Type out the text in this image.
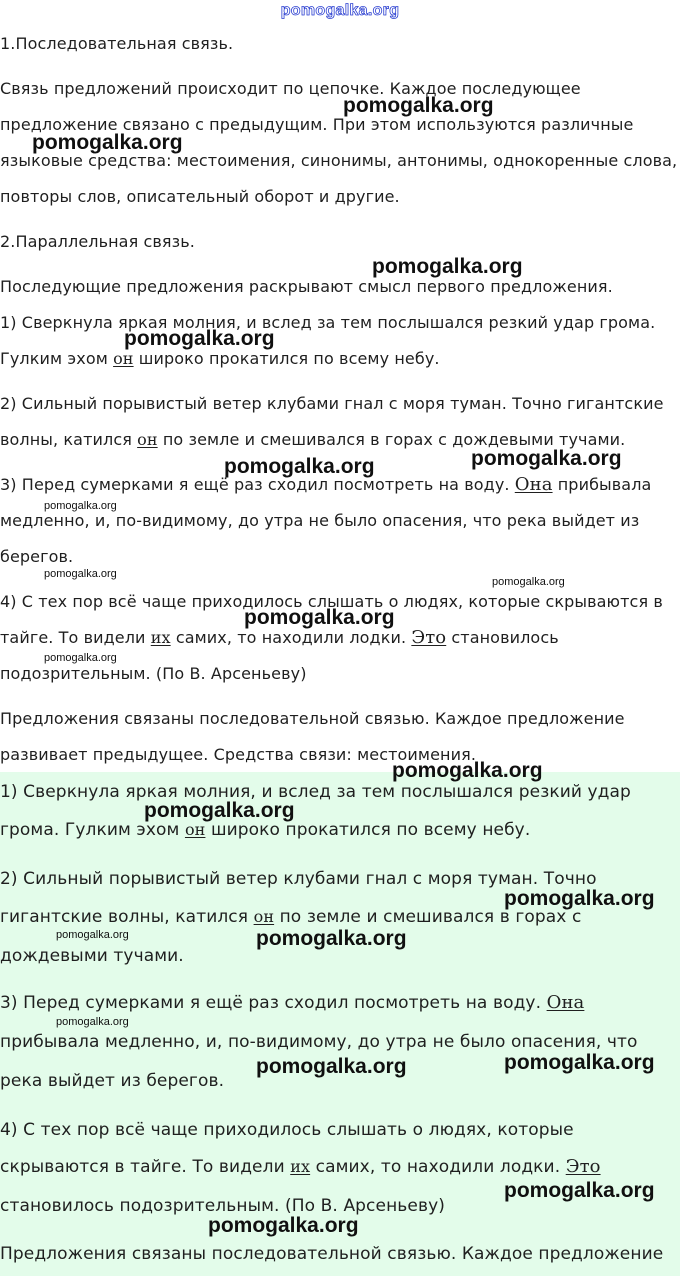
pomogalka.org
1.Последовательная связь.
Связь предложений происходит по цепочке. Каждое последующее
предложение связано с предыдущим. При этом используются различные
языковые средства: местоимения, синонимы, антонимы, однокоренные слова,
повторы слов, описательный оборот и другие.
2.Параллельная связь.
Последующие предложения раскрывают смысл первого предложения.
1) Сверкнула яркая молния, и вслед за тем послышался резкий удар грома.
Гулким эхом он широко прокатился по всему небу.
2) Сильный порывистый ветер клубами гнал с моря туман. Точно гигантские
волны, катился он по земле и смешивался в горах с дождевыми тучами.
3) Перед сумерками я ещё раз сходил посмотреть на воду. Она прибывала
медленно, и, по-видимому, до утра не было опасения, что река выйдет из
берегов.
4) С тех пор всё чаще приходилось слышать о людях, которые скрываются в
тайге. То видели их самих, то находили лодки. Это становилось
подозрительным. (По В. Арсеньеву)
Предложения связаны последовательной связью. Каждое предложение
развивает предыдущее. Средства связи: местоимения.
1) Сверкнула яркая молния, и вслед за тем послышался резкий удар
грома. Гулким эхом он широко прокатился по всему небу.
2) Сильный порывистый ветер клубами гнал с моря туман. Точно
гигантские волны, катился он по земле и смешивался в горах с
дождевыми тучами.
3) Перед сумерками я ещё раз сходил посмотреть на воду. Она
прибывала медленно, и, по-видимому, до утра не было опасения, что
река выйдет из берегов.
4) С тех пор всё чаще приходилось слышать о людях, которые
скрываются в тайге. То видели их самих, то находили лодки. Это
становилось подозрительным. (По В. Арсеньеву)
Предложения связаны последовательной связью. Каждое предложение
pomogalka.org
pomogalka.org
pomogalka.org
pomogalka.org
pomogalka.org
pomogalka.org
pomogalka.org
pomogalka.org
pomogalka.org
pomogalka.org
pomogalka.org
pomogalka.org
pomogalka.org
pomogalka.org
pomogalka.org	pomogalka.org
pomogalka.org
pomogalka.org
pomogalka.org
pomogalka.org
pomogalka.org
